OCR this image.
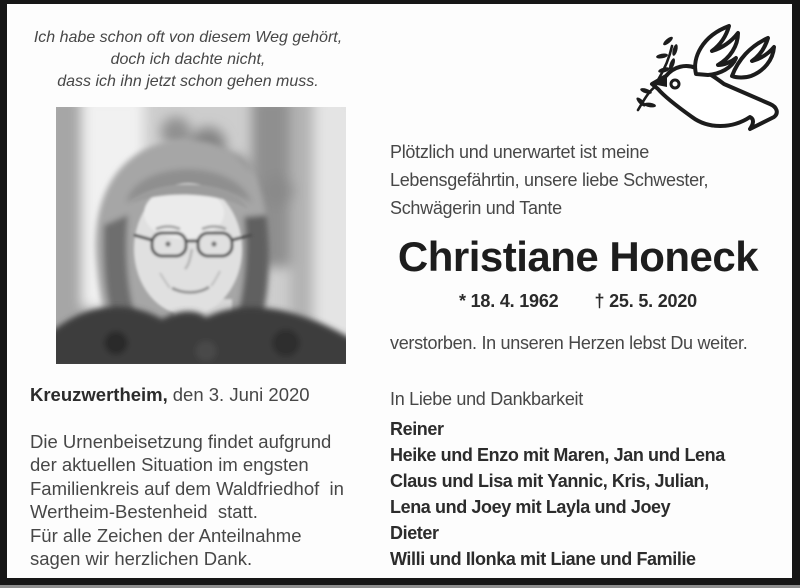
Ich habe schon oft von diesem Weg gehört,
doch ich dachte nicht,
dass ich ihn jetzt schon gehen muss.
Plötzlich und unerwartet ist meine
Lebensgefährtin, unsere liebe Schwester,
Schwägerin und Tante
Christiane Honeck
* 18. 4. 1962 † 25. 5. 2020
verstorben. In unseren Herzen lebst Du weiter.
In Liebe und Dankbarkeit
Reiner
Heike und Enzo mit Maren, Jan und Lena
Claus und Lisa mit Yannic, Kris, Julian,
Lena und Joey mit Layla und Joey
Dieter
Willi und Ilonka mit Liane und Familie
Kreuzwertheim, den 3. Juni 2020
Die Urnenbeisetzung findet aufgrund
der aktuellen Situation im engsten
Familienkreis auf dem Waldfriedhof  in
Wertheim-Bestenheid  statt.
Für alle Zeichen der Anteilnahme
sagen wir herzlichen Dank.
